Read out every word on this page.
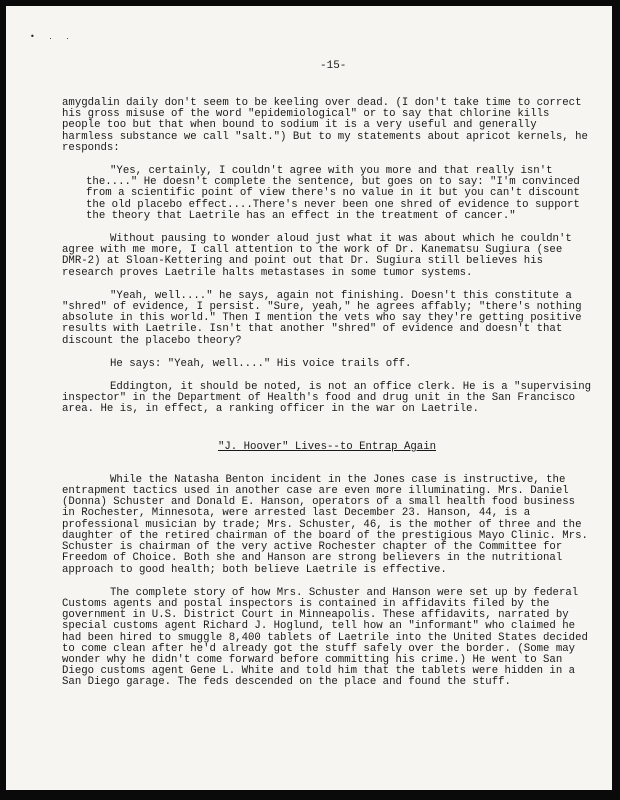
• . .
-15-

amygdalin daily don't seem to be keeling over dead. (I don't take time to correct his gross misuse of the word "epidemiological" or to say that chlorine kills people too but that when bound to sodium it is a very useful and generally harmless substance we call "salt.") But to my statements about apricot kernels, he responds:

"Yes, certainly, I couldn't agree with you more and that really isn't the...." He doesn't complete the sentence, but goes on to say: "I'm convinced from a scientific point of view there's no value in it but you can't discount the old placebo effect....There's never been one shred of evidence to support the theory that Laetrile has an effect in the treatment of cancer."

Without pausing to wonder aloud just what it was about which he couldn't agree with me more, I call attention to the work of Dr. Kanematsu Sugiura (see DMR-2) at Sloan-Kettering and point out that Dr. Sugiura still believes his research proves Laetrile halts metastases in some tumor systems.

"Yeah, well...." he says, again not finishing. Doesn't this constitute a "shred" of evidence, I persist. "Sure, yeah," he agrees affably; "there's nothing absolute in this world." Then I mention the vets who say they're getting positive results with Laetrile. Isn't that another "shred" of evidence and doesn't that discount the placebo theory?

He says: "Yeah, well...." His voice trails off.

Eddington, it should be noted, is not an office clerk. He is a "supervising inspector" in the Department of Health's food and drug unit in the San Francisco area. He is, in effect, a ranking officer in the war on Laetrile.

"J. Hoover" Lives--to Entrap Again

While the Natasha Benton incident in the Jones case is instructive, the entrapment tactics used in another case are even more illuminating. Mrs. Daniel (Donna) Schuster and Donald E. Hanson, operators of a small health food business in Rochester, Minnesota, were arrested last December 23. Hanson, 44, is a professional musician by trade; Mrs. Schuster, 46, is the mother of three and the daughter of the retired chairman of the board of the prestigious Mayo Clinic. Mrs. Schuster is chairman of the very active Rochester chapter of the Committee for Freedom of Choice. Both she and Hanson are strong believers in the nutritional approach to good health; both believe Laetrile is effective.

The complete story of how Mrs. Schuster and Hanson were set up by federal Customs agents and postal inspectors is contained in affidavits filed by the government in U.S. District Court in Minneapolis. These affidavits, narrated by special customs agent Richard J. Hoglund, tell how an "informant" who claimed he had been hired to smuggle 8,400 tablets of Laetrile into the United States decided to come clean after he'd already got the stuff safely over the border. (Some may wonder why he didn't come forward before committing his crime.) He went to San Diego customs agent Gene L. White and told him that the tablets were hidden in a San Diego garage. The feds descended on the place and found the stuff.
